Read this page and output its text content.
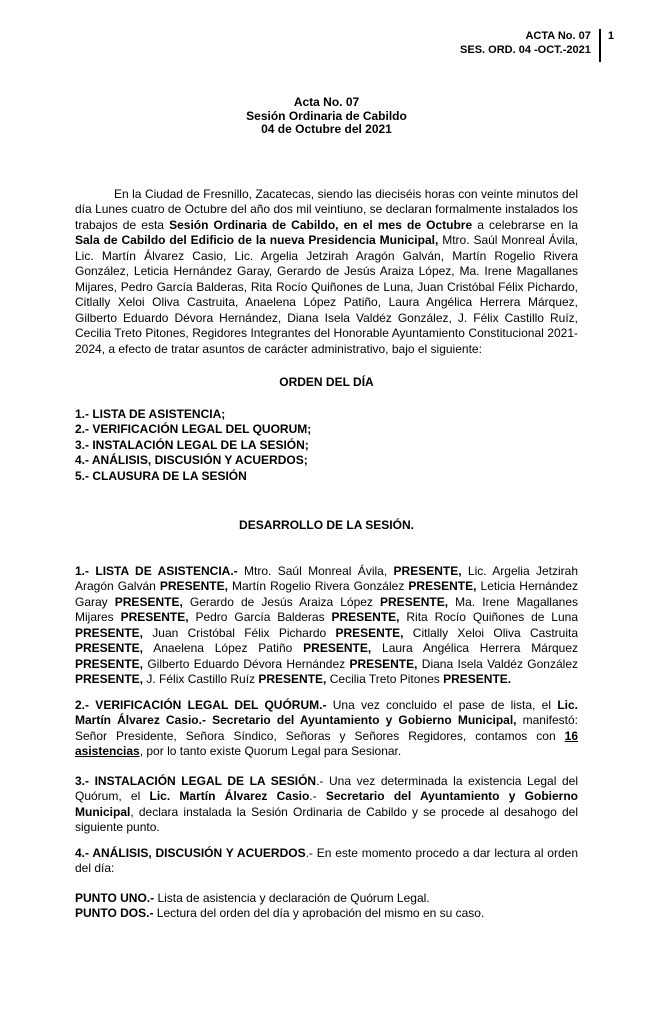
ACTA No. 07
SES. ORD. 04 -OCT.-2021
1
Acta No. 07
Sesión Ordinaria de Cabildo
04 de Octubre del 2021

En la Ciudad de Fresnillo, Zacatecas, siendo las dieciséis horas con veinte minutos del día Lunes cuatro de Octubre del año dos mil veintiuno, se declaran formalmente instalados los trabajos de esta Sesión Ordinaria de Cabildo, en el mes de Octubre a celebrarse en la Sala de Cabildo del Edificio de la nueva Presidencia Municipal, Mtro. Saúl Monreal Ávila, Lic. Martín Álvarez Casio, Lic. Argelia Jetzirah Aragón Galván, Martín Rogelio Rivera González, Leticia Hernández Garay, Gerardo de Jesús Araiza López, Ma. Irene Magallanes Mijares, Pedro García Balderas, Rita Rocío Quiñones de Luna, Juan Cristóbal Félix Pichardo, Citlally Xeloi Oliva Castruita, Anaelena López Patiño, Laura Angélica Herrera Márquez, Gilberto Eduardo Dévora Hernández, Diana Isela Valdéz González, J. Félix Castillo Ruíz, Cecilia Treto Pitones, Regidores Integrantes del Honorable Ayuntamiento Constitucional 2021-2024, a efecto de tratar asuntos de carácter administrativo, bajo el siguiente:

ORDEN DEL DÍA
1.- LISTA DE ASISTENCIA;
2.- VERIFICACIÓN LEGAL DEL QUORUM;
3.- INSTALACIÓN LEGAL DE LA SESIÓN;
4.- ANÁLISIS, DISCUSIÓN Y ACUERDOS;
5.- CLAUSURA DE LA SESIÓN
DESARROLLO DE LA SESIÓN.

1.- LISTA DE ASISTENCIA.- Mtro. Saúl Monreal Ávila, PRESENTE, Lic. Argelia Jetzirah Aragón Galván PRESENTE, Martín Rogelio Rivera González PRESENTE, Leticia Hernández Garay PRESENTE, Gerardo de Jesús Araiza López PRESENTE, Ma. Irene Magallanes Mijares PRESENTE, Pedro García Balderas PRESENTE, Rita Rocío Quiñones de Luna PRESENTE, Juan Cristóbal Félix Pichardo PRESENTE, Citlally Xeloi Oliva Castruita PRESENTE, Anaelena López Patiño PRESENTE, Laura Angélica Herrera Márquez PRESENTE, Gilberto Eduardo Dévora Hernández PRESENTE, Diana Isela Valdéz González PRESENTE, J. Félix Castillo Ruíz PRESENTE, Cecilia Treto Pitones PRESENTE.

2.- VERIFICACIÓN LEGAL DEL QUÓRUM.- Una vez concluido el pase de lista, el Lic. Martín Álvarez Casio.- Secretario del Ayuntamiento y Gobierno Municipal, manifestó: Señor Presidente, Señora Síndico, Señoras y Señores Regidores, contamos con 16 asistencias, por lo tanto existe Quorum Legal para Sesionar.

3.- INSTALACIÓN LEGAL DE LA SESIÓN.- Una vez determinada la existencia Legal del Quórum, el Lic. Martín Álvarez Casio.- Secretario del Ayuntamiento y Gobierno Municipal, declara instalada la Sesión Ordinaria de Cabildo y se procede al desahogo del siguiente punto.

4.- ANÁLISIS, DISCUSIÓN Y ACUERDOS.- En este momento procedo a dar lectura al orden del día:

PUNTO UNO.- Lista de asistencia y declaración de Quórum Legal.
PUNTO DOS.- Lectura del orden del día y aprobación del mismo en su caso.
